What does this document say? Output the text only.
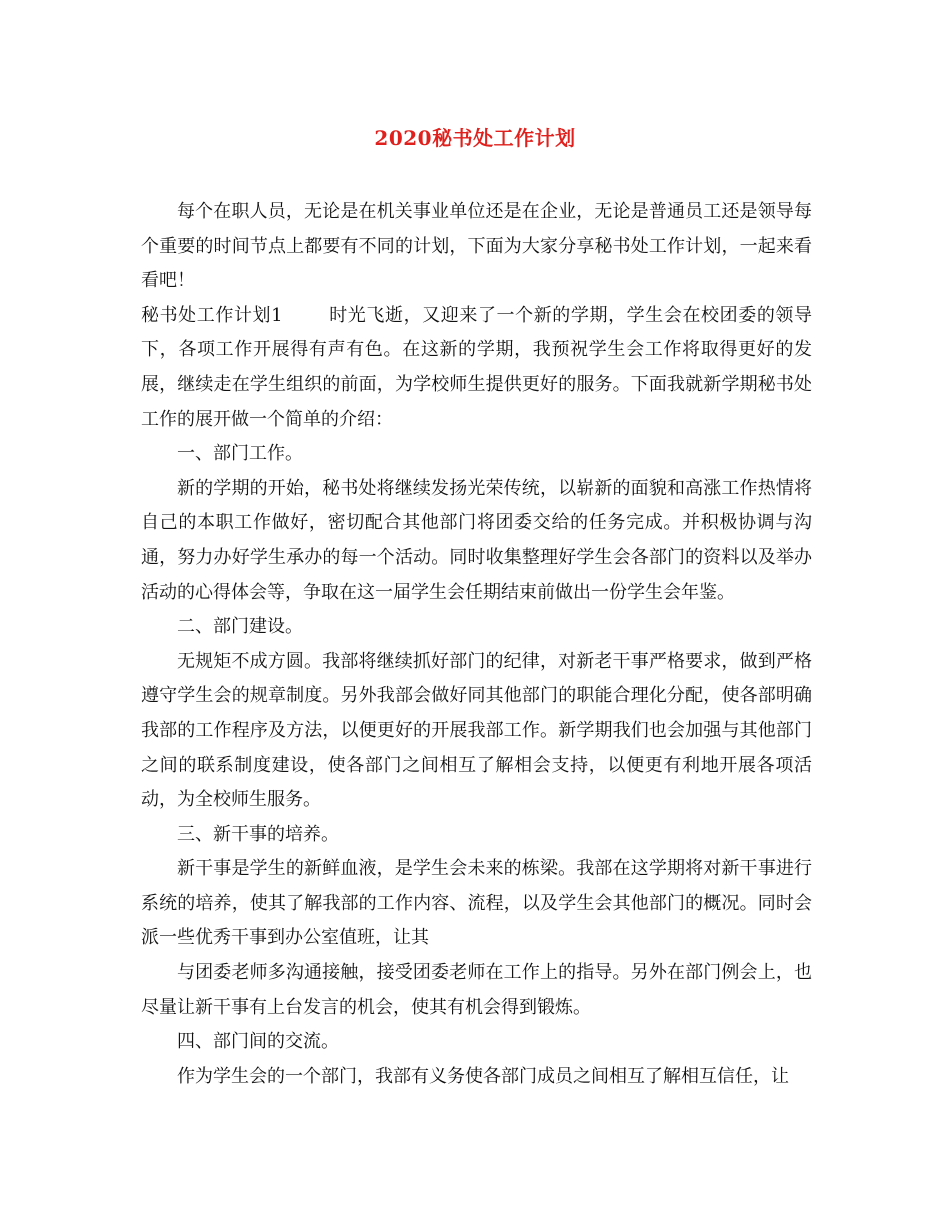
2020秘书处工作计划

每个在职人员，无论是在机关事业单位还是在企业，无论是普通员工还是领导每个重要的时间节点上都要有不同的计划，下面为大家分享秘书处工作计划，一起来看看吧！

秘书处工作计划1	时光飞逝，又迎来了一个新的学期，学生会在校团委的领导下，各项工作开展得有声有色。在这新的学期，我预祝学生会工作将取得更好的发展，继续走在学生组织的前面，为学校师生提供更好的服务。下面我就新学期秘书处工作的展开做一个简单的介绍：

一、部门工作。

新的学期的开始，秘书处将继续发扬光荣传统，以崭新的面貌和高涨工作热情将自己的本职工作做好，密切配合其他部门将团委交给的任务完成。并积极协调与沟通，努力办好学生承办的每一个活动。同时收集整理好学生会各部门的资料以及举办活动的心得体会等，争取在这一届学生会任期结束前做出一份学生会年鉴。

二、部门建设。

无规矩不成方圆。我部将继续抓好部门的纪律，对新老干事严格要求，做到严格遵守学生会的规章制度。另外我部会做好同其他部门的职能合理化分配，使各部明确我部的工作程序及方法，以便更好的开展我部工作。新学期我们也会加强与其他部门之间的联系制度建设，使各部门之间相互了解相会支持，以便更有利地开展各项活动，为全校师生服务。

三、新干事的培养。

新干事是学生的新鲜血液，是学生会未来的栋梁。我部在这学期将对新干事进行系统的培养，使其了解我部的工作内容、流程，以及学生会其他部门的概况。同时会派一些优秀干事到办公室值班，让其

与团委老师多沟通接触，接受团委老师在工作上的指导。另外在部门例会上，也尽量让新干事有上台发言的机会，使其有机会得到锻炼。

四、部门间的交流。

作为学生会的一个部门，我部有义务使各部门成员之间相互了解相互信任，让
